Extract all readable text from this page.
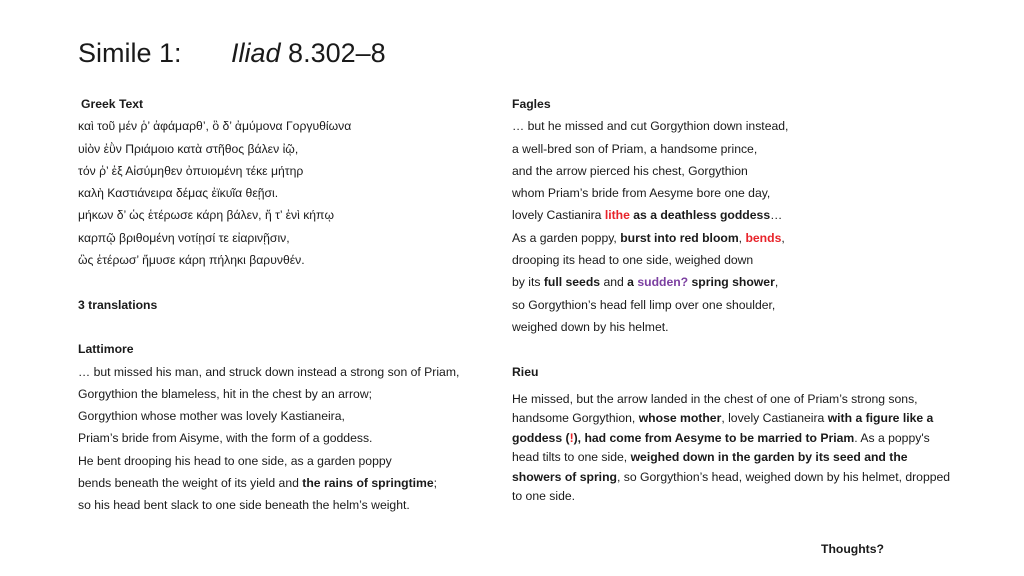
Simile 1: Iliad 8.302–8

Greek Text

καὶ τοῦ μέν ῥ’ ἀφάμαρθ’, ὃ δ’ ἀμύμονα Γοργυθίωνα

υἱὸν ἐῢν Πριάμοιο κατὰ στῆθος βάλεν ἰῷ,

τόν ῥ’ ἐξ Αἰσύμηθεν ὀπυιομένη τέκε μήτηρ

καλὴ Καστιάνειρα δέμας ἐϊκυῖα θεῇσι.

μήκων δ’ ὡς ἑτέρωσε κάρη βάλεν, ἥ τ’ ἐνὶ κήπῳ

καρπῷ βριθομένη νοτίῃσί τε εἰαρινῇσιν,

ὣς ἑτέρωσ’ ἤμυσε κάρη πήληκι βαρυνθέν.

3 translations

Lattimore

… but missed his man, and struck down instead a strong son of Priam,

Gorgythion the blameless, hit in the chest by an arrow;

Gorgythion whose mother was lovely Kastianeira,

Priam’s bride from Aisyme, with the form of a goddess.

He bent drooping his head to one side, as a garden poppy

bends beneath the weight of its yield and the rains of springtime;

so his head bent slack to one side beneath the helm’s weight.

Fagles

… but he missed and cut Gorgythion down instead,

a well-bred son of Priam, a handsome prince,

and the arrow pierced his chest, Gorgythion

whom Priam’s bride from Aesyme bore one day,

lovely Castianira lithe as a deathless goddess…

As a garden poppy, burst into red bloom, bends,

drooping its head to one side, weighed down

by its full seeds and a sudden? spring shower,

so Gorgythion’s head fell limp over one shoulder,

weighed down by his helmet.

Rieu

He missed, but the arrow landed in the chest of one of Priam’s strong sons, handsome Gorgythion, whose mother, lovely Castianeira with a figure like a goddess (!), had come from Aesyme to be married to Priam. As a poppy's head tilts to one side, weighed down in the garden by its seed and the showers of spring, so Gorgythion’s head, weighed down by his helmet, dropped to one side.
Thoughts?
